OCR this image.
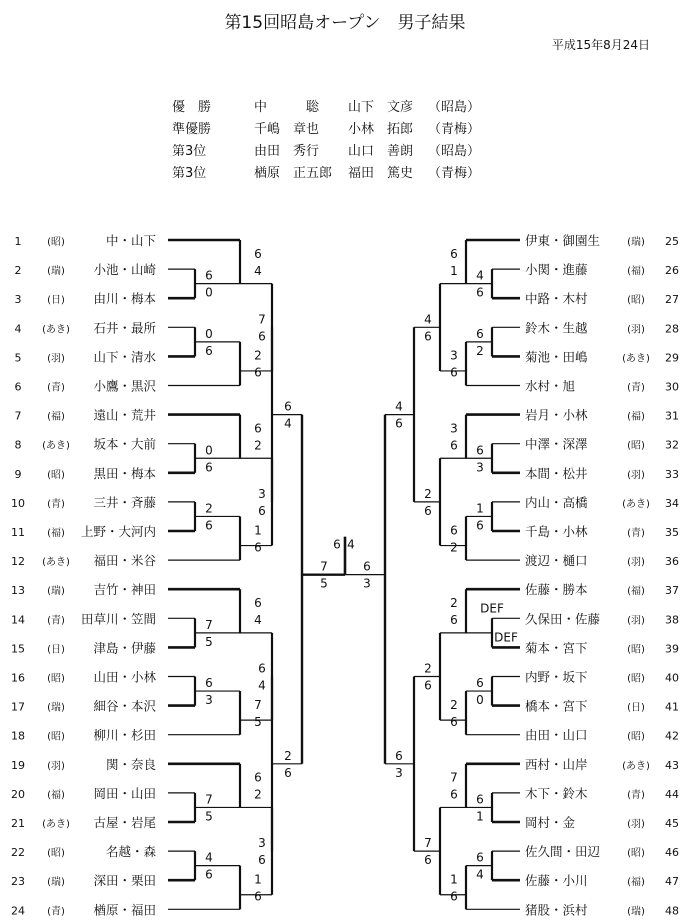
第15回昭島オープン　男子結果
平成15年8月24日
優　勝	中　　　聡 山下　文彦 （昭島）
準優勝	千嶋　章也 小林　拓郎 （青梅）
第3位	由田　秀行 山口　善朗 （昭島）
第3位	楢原　正五郎 福田　篤史 （青梅）
1	(昭)	中・山下
2	(瑞) 小池・山崎
3	(日) 由川・梅本
4 (あき) 石井・最所
5	(羽) 山下・清水
6	(青) 小鷹・黒沢
7	(福) 遠山・荒井
8 (あき) 坂本・大前
9	(昭) 黒田・梅本
10 (青) 三井・斉藤
11 (福) 上野・大河内
12 (あき) 福田・米谷
13 (瑞) 吉竹・神田
14 (青) 田草川・笠間
15 (日) 津島・伊藤
16 (昭) 山田・小林
17 (瑞) 細谷・本沢
18 (昭) 柳川・杉田
19 (羽)	関・奈良
20 (福) 岡田・山田
21 (あき) 古屋・岩尾
22 (昭)	名越・森
23 (瑞) 深田・栗田
24 (青) 楢原・福田
伊東・御園生	(瑞) 25
小関・進藤	(福) 26
中路・木村	(昭) 27
鈴木・生越	(羽) 28
菊池・田嶋	(あき) 29
水村・旭	(青) 30
岩月・小林	(福) 31
中澤・深澤	(昭) 32
本間・松井	(羽) 33
内山・高橋	(あき) 34
千島・小林	(青) 35
渡辺・樋口	(羽) 36
佐藤・勝本	(福) 37
久保田・佐藤	(羽) 38
菊本・宮下	(昭) 39
内野・坂下	(昭) 40
橋本・宮下	(日) 41
由田・山口	(昭) 42
西村・山岸	(あき) 43
木下・鈴木	(青) 44
岡村・金	(羽) 45
佐久間・田辺	(昭) 46
佐藤・小川	(福) 47
猪股・浜村	(瑞) 48
6
0
6
4
0
6	2
6
0
6
6
2
2
6	1
6
7
5
6
4
6
3	7
5
7
5
6
2
4
6	1
6
7
6
3
6
6
4
3
6
6
4
2
6
7
5
4
6
6
1
6
2
3
6
6
3
3
6
1
6
6
2
DEF
DEF
2
6
6
0
2
6
6
1
7
6
6
4
1
6
4
6
2
6
2
6
7
6
4
6
6
3
6
3
6 4
